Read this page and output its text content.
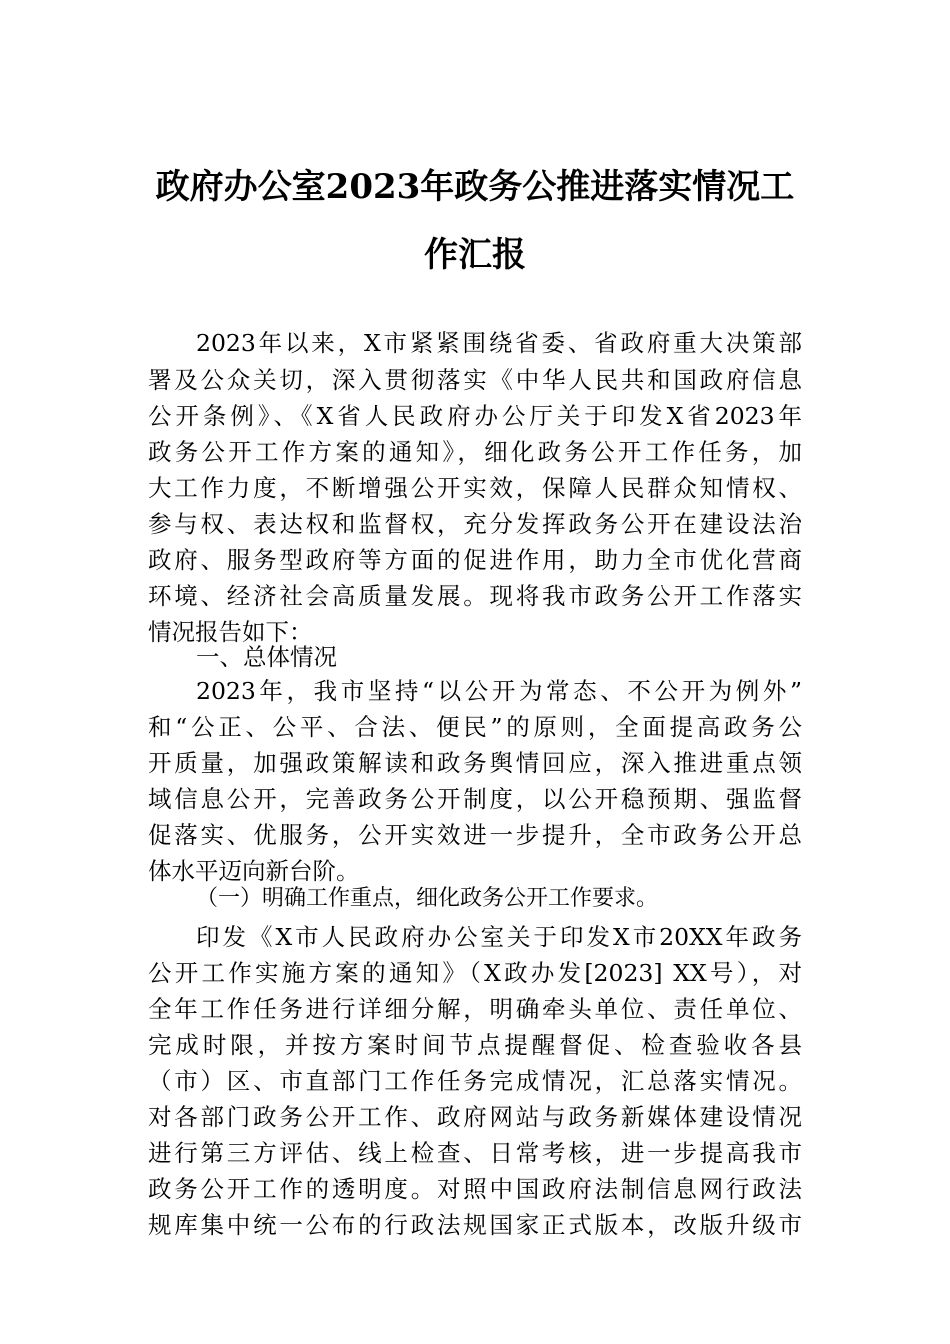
政府办公室2023年政务公推进落实情况工
作汇报
2023年以来，X市紧紧围绕省委、省政府重大决策部
署及公众关切，深入贯彻落实《中华人民共和国政府信息
公开条例》、《X省人民政府办公厅关于印发X省2023年
政务公开工作方案的通知》，细化政务公开工作任务，加
大工作力度，不断增强公开实效，保障人民群众知情权、
参与权、表达权和监督权，充分发挥政务公开在建设法治
政府、服务型政府等方面的促进作用，助力全市优化营商
环境、经济社会高质量发展。现将我市政务公开工作落实
情况报告如下：
一、总体情况
2023年，我市坚持“以公开为常态、不公开为例外”
和“公正、公平、合法、便民”的原则，全面提高政务公
开质量，加强政策解读和政务舆情回应，深入推进重点领
域信息公开，完善政务公开制度，以公开稳预期、强监督
促落实、优服务，公开实效进一步提升，全市政务公开总
体水平迈向新台阶。
（一）明确工作重点，细化政务公开工作要求。
印发《X市人民政府办公室关于印发X市20XX年政务
公开工作实施方案的通知》（X政办发[2023] XX号），对
全年工作任务进行详细分解，明确牵头单位、责任单位、
完成时限，并按方案时间节点提醒督促、检查验收各县
（市）区、市直部门工作任务完成情况，汇总落实情况。
对各部门政务公开工作、政府网站与政务新媒体建设情况
进行第三方评估、线上检查、日常考核，进一步提高我市
政务公开工作的透明度。对照中国政府法制信息网行政法
规库集中统一公布的行政法规国家正式版本，改版升级市
